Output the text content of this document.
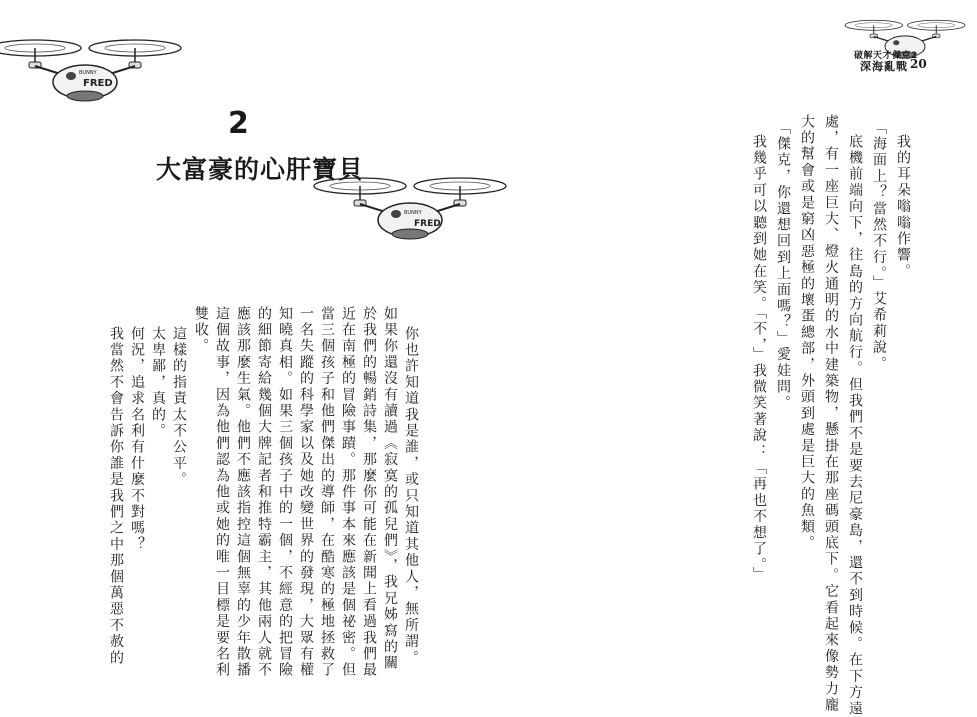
FRED
BUNNY
2
大富豪的心肝寶貝
FRED
BUNNY
你也許知道我是誰，或只知道其他人，無所謂。
如果你還沒有讀過《寂寞的孤兒們》，我兄姊寫的關
於我們的暢銷詩集，那麼你可能在新聞上看過我們最
近在南極的冒險事蹟。那件事本來應該是個祕密。但
當三個孩子和他們傑出的導師，在酷寒的極地拯救了
一名失蹤的科學家以及她改變世界的發現，大眾有權
知曉真相。如果三個孩子中的一個，不經意的把冒險
的細節寄給幾個大牌記者和推特霸主，其他兩人就不
應該那麼生氣。他們不應該指控這個無辜的少年散播
這個故事，因為他們認為他或她的唯一目標是要名利
雙收。
這樣的指責太不公平。
太卑鄙，真的。
何況，追求名利有什麼不對嗎？
我當然不會告訴你誰是我們之中那個萬惡不赦的
破解天才傑克2
深海亂戰 20
我的耳朵嗡嗡作響。
「海面上？當然不行。」艾希莉說。
底機前端向下，往島的方向航行。但我們不是要去尼豪島，還不到時候。在下方遠
處，有一座巨大、燈火通明的水中建築物，懸掛在那座碼頭底下。它看起來像勢力龐
大的幫會或是窮凶惡極的壞蛋總部，外頭到處是巨大的魚類。
「傑克，你還想回到上面嗎？」愛娃問。
我幾乎可以聽到她在笑。「不，」我微笑著說：「再也不想了。」
